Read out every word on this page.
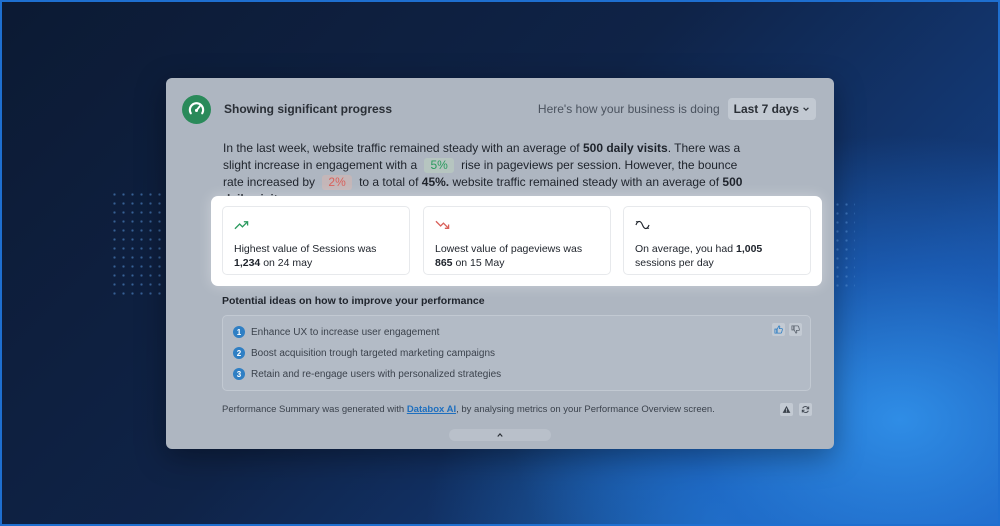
Showing significant progress	Here's how your business is doing Last 7 days

In the last week, website traffic remained steady with an average of 500 daily visits. There was a slight increase in engagement with a 5% rise in pageviews per session. However, the bounce rate increased by 2% to a total of 45%. website traffic remained steady with an average of 500

Potential ideas on how to improve your performance
1 Enhance UX to increase user engagement
2 Boost acquisition trough targeted marketing campaigns
3 Retain and re-engage users with personalized strategies
Performance Summary was generated with Databox AI, by analysing metrics on your Performance Overview screen.
Highest value of Sessions was 1,234 on 24 may
Lowest value of pageviews was 865 on 15 May
On average, you had 1,005 sessions per day
